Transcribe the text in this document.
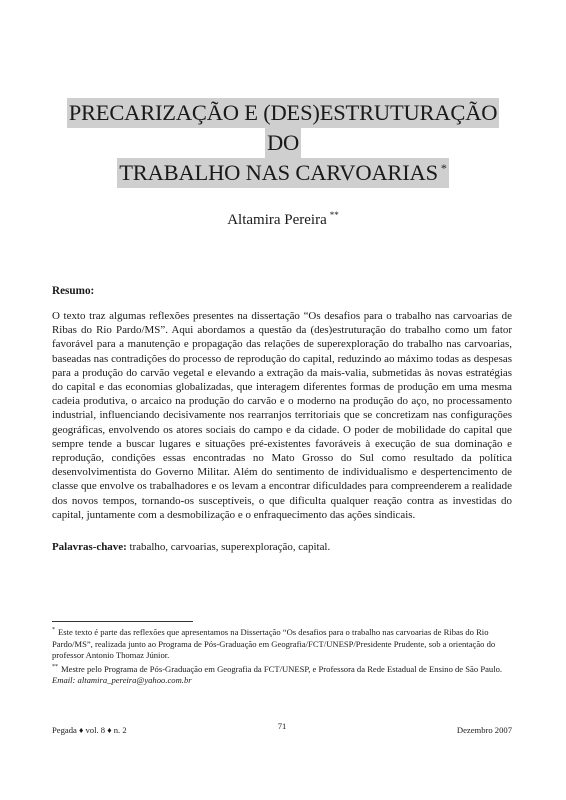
PRECARIZAÇÃO E (DES)ESTRUTURAÇÃO
DO
TRABALHO NAS CARVOARIAS *
Altamira Pereira **
Resumo:

O texto traz algumas reflexões presentes na dissertação “Os desafios para o trabalho nas carvoarias de Ribas do Rio Pardo/MS”. Aqui abordamos a questão da (des)estruturação do trabalho como um fator favorável para a manutenção e propagação das relações de superexploração do trabalho nas carvoarias, baseadas nas contradições do processo de reprodução do capital, reduzindo ao máximo todas as despesas para a produção do carvão vegetal e elevando a extração da mais-valia, submetidas às novas estratégias do capital e das economias globalizadas, que interagem diferentes formas de produção em uma mesma cadeia produtiva, o arcaico na produção do carvão e o moderno na produção do aço, no processamento industrial, influenciando decisivamente nos rearranjos territoriais que se concretizam nas configurações geográficas, envolvendo os atores sociais do campo e da cidade. O poder de mobilidade do capital que sempre tende a buscar lugares e situações pré-existentes favoráveis à execução de sua dominação e reprodução, condições essas encontradas no Mato Grosso do Sul como resultado da política desenvolvimentista do Governo Militar. Além do sentimento de individualismo e despertencimento de classe que envolve os trabalhadores e os levam a encontrar dificuldades para compreenderem a realidade dos novos tempos, tornando-os susceptíveis, o que dificulta qualquer reação contra as investidas do capital, juntamente com a desmobilização e o enfraquecimento das ações sindicais.

Palavras-chave: trabalho, carvoarias, superexploração, capital.

* Este texto é parte das reflexões que apresentamos na Dissertação “Os desafios para o trabalho nas carvoarias de Ribas do Rio Pardo/MS”, realizada junto ao Programa de Pós-Graduação em Geografia/FCT/UNESP/Presidente Prudente, sob a orientação do professor Antonio Thomaz Júnior.

** Mestre pelo Programa de Pós-Graduação em Geografia da FCT/UNESP, e Professora da Rede Estadual de Ensino de São Paulo. Email: altamira_pereira@yahoo.com.br

Pegada ♦ vol. 8 ♦ n. 2	71	Dezembro 2007
